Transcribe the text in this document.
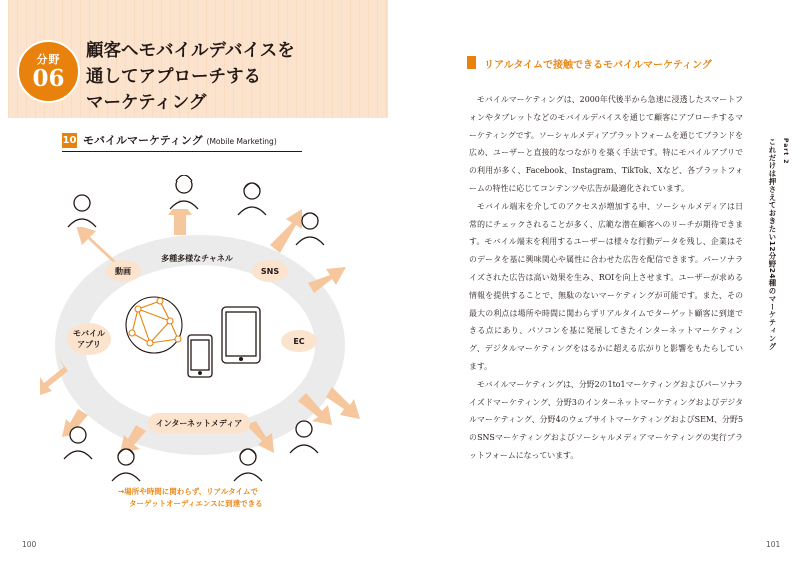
分野
06
顧客へモバイルデバイスを
通してアプローチする
マーケティング
10 モバイルマーケティング (Mobile Marketing)
多種多様なチャネル
動画	SNS
モバイル
アプリ	EC
インターネットメディア
→場所や時間に関わらず、リアルタイムで
ターゲットオーディエンスに到達できる
100
リアルタイムで接触できるモバイルマーケティング

モバイルマーケティングは、2000年代後半から急速に浸透したスマートフォンやタブレットなどのモバイルデバイスを通じて顧客にアプローチするマーケティングです。ソーシャルメディアプラットフォームを通じてブランドを広め、ユーザーと直接的なつながりを築く手法です。特にモバイルアプリでの利用が多く、Facebook、Instagram、TikTok、Xなど、各プラットフォームの特性に応じてコンテンツや広告が最適化されています。

モバイル端末を介してのアクセスが増加する中、ソーシャルメディアは日常的にチェックされることが多く、広範な潜在顧客へのリーチが期待できます。モバイル端末を利用するユーザーは様々な行動データを残し、企業はそのデータを基に興味関心や属性に合わせた広告を配信できます。パーソナライズされた広告は高い効果を生み、ROIを向上させます。ユーザーが求める情報を提供することで、無駄のないマーケティングが可能です。また、その最大の利点は場所や時間に関わらずリアルタイムでターゲット顧客に到達できる点にあり、パソコンを基に発展してきたインターネットマーケティング、デジタルマーケティングをはるかに超える広がりと影響をもたらしています。

モバイルマーケティングは、分野2の1to1マーケティングおよびパーソナライズドマーケティング、分野3のインターネットマーケティングおよびデジタルマーケティング、分野4のウェブサイトマーケティングおよびSEM、分野5のSNSマーケティングおよびソーシャルメディアマーケティングの実行プラットフォームになっています。

Part 2
これだけは押さえておきたい12分野24種のマーケティング
101
